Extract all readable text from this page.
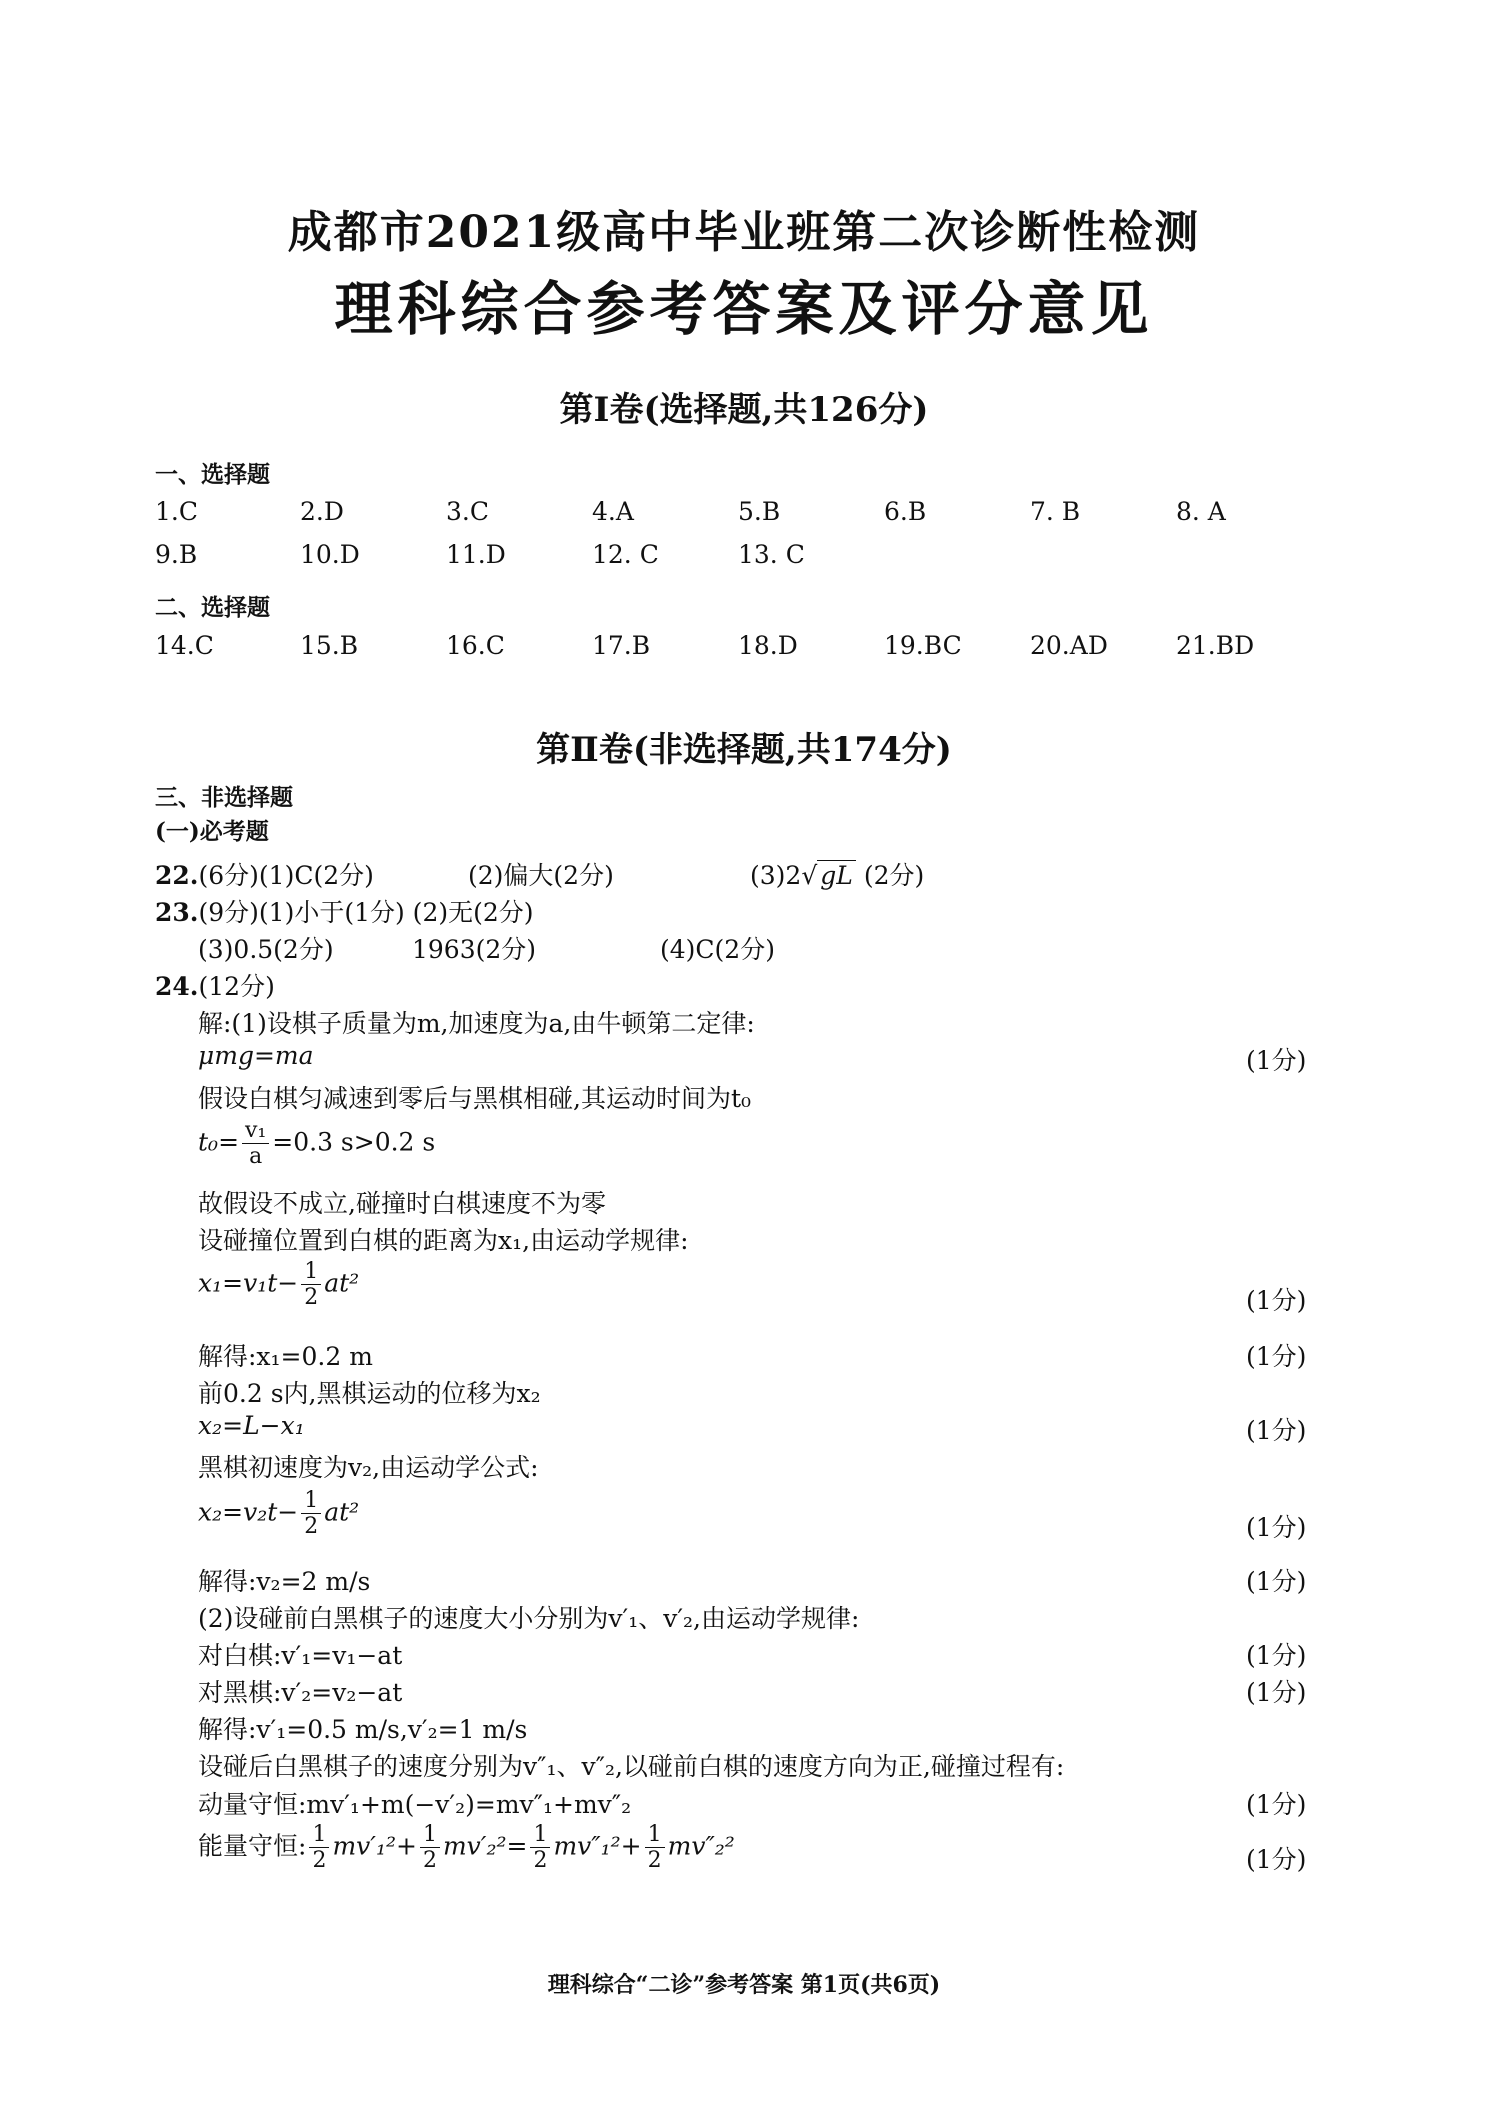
成都市2021级高中毕业班第二次诊断性检测
理科综合参考答案及评分意见
第Ⅰ卷(选择题,共126分)
一、选择题
1.C	2.D	3.C	4.A	5.B	6.B	7. B	8. A
9.B	10.D	11.D	12. C	13. C
二、选择题
14.C	15.B	16.C	17.B	18.D	19.BC	20.AD	21.BD
第Ⅱ卷(非选择题,共174分)
三、非选择题
(一)必考题
22.(6分)(1)C(2分)	(2)偏大(2分)	(3)2√ gL (2分)
23.(9分)(1)小于(1分) (2)无(2分)
(3)0.5(2分)	1963(2分)	(4)C(2分)
24.(12分)
解:(1)设棋子质量为m,加速度为a,由牛顿第二定律:
μmg=ma	(1分)
假设白棋匀减速到零后与黑棋相碰,其运动时间为t₀
$t_0= \frac{\text{v₁}}{a} =0.3$ s>0.2 s
故假设不成立,碰撞时白棋速度不为零
设碰撞位置到白棋的距离为x₁,由运动学规律:
$x_1=v_1t- \frac{1}{2} at^2$
(1分)
解得:x₁=0.2 m	(1分)
前0.2 s内,黑棋运动的位移为x₂
x₂=L−x₁	(1分)
黑棋初速度为v₂,由运动学公式:
$x_2=v_2t- \frac{1}{2} at^2$
(1分)
解得:v₂=2 m/s	(1分)
(2)设碰前白黑棋子的速度大小分别为v′₁、v′₂,由运动学规律:
对白棋:v′₁=v₁−at	(1分)
对黑棋:v′₂=v₂−at	(1分)
解得:v′₁=0.5 m/s,v′₂=1 m/s
设碰后白黑棋子的速度分别为v″₁、v″₂,以碰前白棋的速度方向为正,碰撞过程有:
动量守恒:mv′₁+m(−v′₂)=mv″₁+mv″₂	(1分)
能量守恒: $\frac{1}{2} mv'_1^2+ \frac{1}{2} mv'_2^2= \frac{1}{2} mv''_1^2+ \frac{1}{2} mv''_2^2$	(1分)
理科综合“二诊”参考答案 第1页(共6页)
